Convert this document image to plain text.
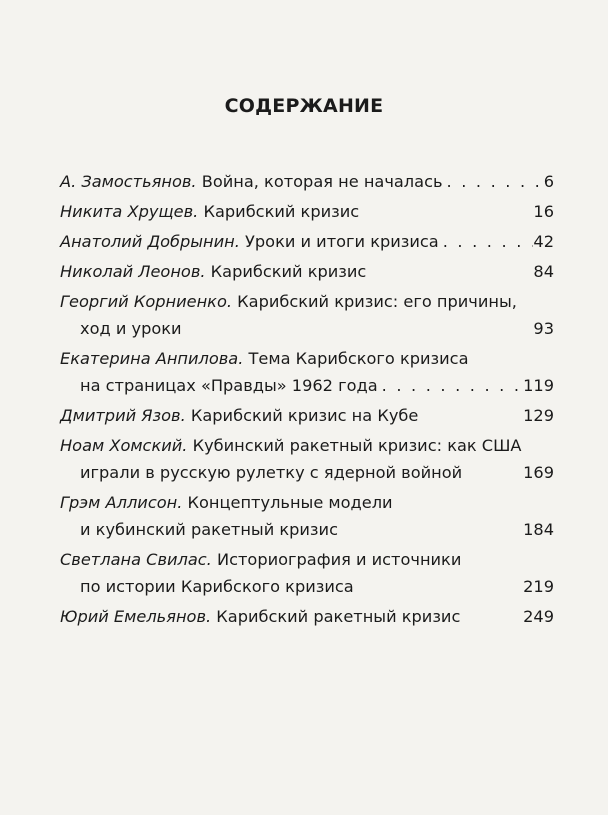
СОДЕРЖАНИЕ
А. Замостьянов.
Война, которая не началась . . .	6
Никита Хрущев.
Карибский кризис	16
Анатолий Добрынин.
Уроки и итоги кризиса . . .	42
Николай Леонов.
Карибский кризис	84
Георгий Корниенко.
Карибский кризис: его причины,
ход и уроки	93
Екатерина Анпилова.
Тема Карибского кризиса
на страницах «Правды» 1962 года . . .	119
Дмитрий Язов.
Карибский кризис на Кубе	129
Ноам Хомский.
Кубинский ракетный кризис: как США
играли в русскую рулетку с ядерной войной	169
Грэм Аллисон.
Концептульные модели
и кубинский ракетный кризис	184
Светлана Свилас.
Историография и источники
по истории Карибского кризиса	219
Юрий Емельянов.
Карибский ракетный кризис	249
